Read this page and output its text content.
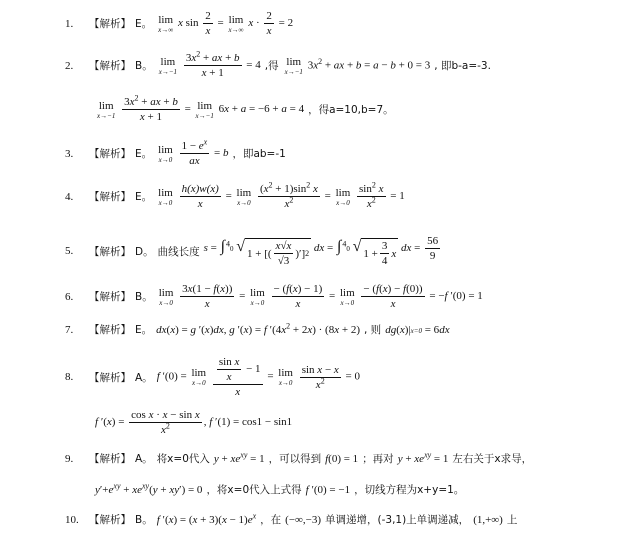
1.	【解析】 E。 lim
x→∞
x $\sin \frac{2}{x} = \lim$
x→∞
$x \cdot \frac{2}{x} = 2$
2.	【解析】 B。 lim
x→−1
$\frac{3x^2 + ax + b}{x + 1} = 4$ ,得 lim
x→−1
$3x^2$ + ax + b = a − b + 0 = 3 , 即b-a=-3.
lim
x→−1
$\frac{3x^2 + ax + b}{x + 1} = \lim$
x→−1
6x + a = −6 + a = 4 ，得a=10,b=7。
3.	【解析】 E。 lim
x→0
$\frac{1 - e^x}{ax} = b$ ，即ab=-1
4.	【解析】 E。 lim
x→0
$\frac{h(x)w(x)}{x} = \lim$
x→0
$\frac{(x^2 + 1)\sin^2 x}{x^2} = \lim$
x→0
$\frac{\sin^2 x}{x^2} = 1$
5.	【解析】 D。 曲线长度 s = ∫$^4$0 √ 1 + [( $\frac{x√x}{√3}$ )′] 2 dx = ∫$^4$0 √ $1 + \frac{3}{4}$ x dx = $\frac{56}{9}$
6.	【解析】 B。 lim
x→0
$\frac{3x(1 - f(x))}{x} = \lim$
x→0
$\frac{- (f(x) - 1)}{x} = \lim$
x→0
$\frac{- (f(x) - f(0))}{x} = -f$ ′(0) = 1
7.	【解析】 E。 dx(x) = g ′(x)dx, g ′(x) = f $'(4x^2 + 2x) \cdot (8x + 2)$ , 则 dg(x)|x=0 = 6dx
8.	【解析】 A。 f ′(0) = lim
x→0
$\frac{\frac{\text{sin x}}{x} - 1}{x} = \lim$
x→0
$\frac{\text{sin x − x}}{x^2} = 0$
f $'(x) = \frac{\text{cos x · x − sin x}}{x^2}$ , f ′(1) = cos1 − sin1
9.	【解析】 A。 将x=0代入 $y + xe^{xy} = 1$ ，可以得到 f(0) = 1 ；再对 $y + xe^{xy} = 1$ 左右关于x求导，
$y'+e^{xy} + xe^{xy}(y + xy') = 0$ ，将x=0代入上式得 f ′(0) = −1 ，切线方程为x+y=1。
10. 【解析】 B。 f $'(x) = (x + 3)(x - 1)e^x$ ，在 (−∞,−3) 单调递增，(-3,1)上单调递减， (1,+∞) 上
